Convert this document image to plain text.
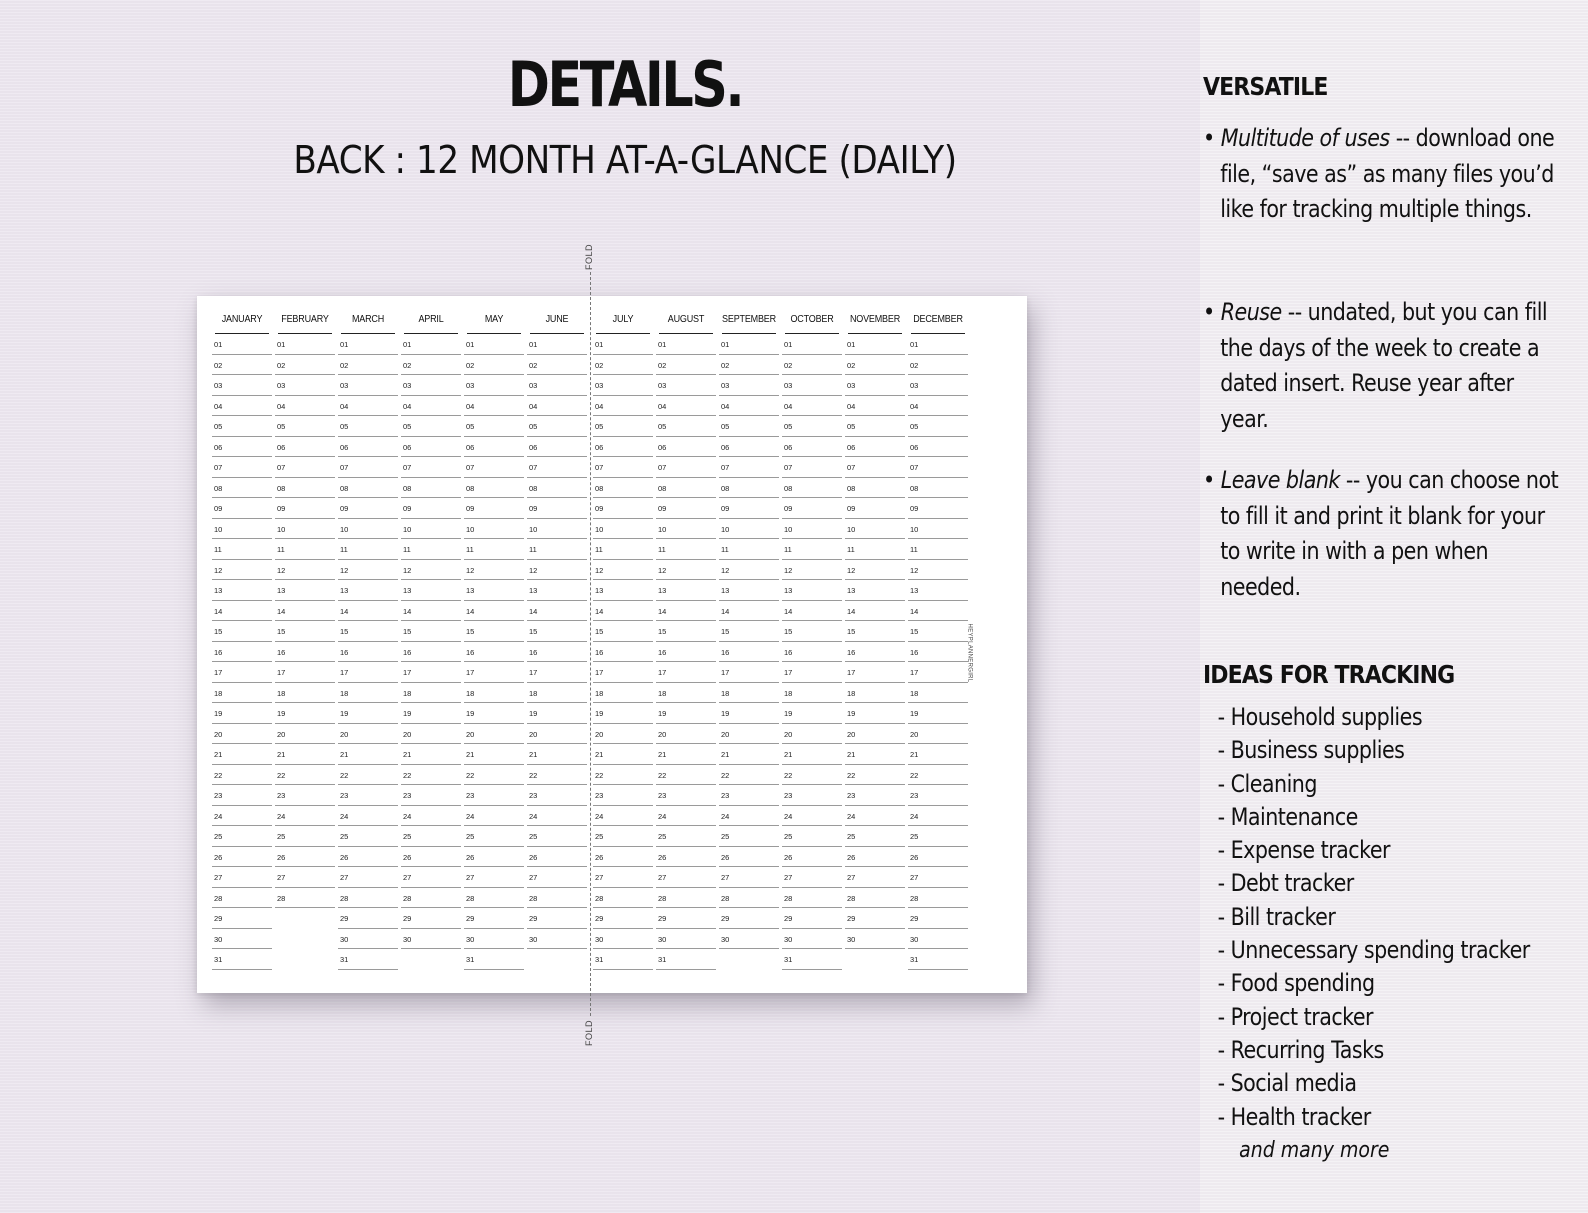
DETAILS.
BACK : 12 MONTH AT-A-GLANCE (DAILY)
JANUARY
01
02
03
04
05
06
07
08
09
10
11
12
13
14
15
16
17
18
19
20
21
22
23
24
25
26
27
28
29
30
31
FEBRUARY
01
02
03
04
05
06
07
08
09
10
11
12
13
14
15
16
17
18
19
20
21
22
23
24
25
26
27
28
MARCH
01
02
03
04
05
06
07
08
09
10
11
12
13
14
15
16
17
18
19
20
21
22
23
24
25
26
27
28
29
30
31
APRIL
01
02
03
04
05
06
07
08
09
10
11
12
13
14
15
16
17
18
19
20
21
22
23
24
25
26
27
28
29
30
MAY
01
02
03
04
05
06
07
08
09
10
11
12
13
14
15
16
17
18
19
20
21
22
23
24
25
26
27
28
29
30
31
JUNE
01
02
03
04
05
06
07
08
09
10
11
12
13
14
15
16
17
18
19
20
21
22
23
24
25
26
27
28
29
30
JULY
01
02
03
04
05
06
07
08
09
10
11
12
13
14
15
16
17
18
19
20
21
22
23
24
25
26
27
28
29
30
31
AUGUST
01
02
03
04
05
06
07
08
09
10
11
12
13
14
15
16
17
18
19
20
21
22
23
24
25
26
27
28
29
30
31
SEPTEMBER
01
02
03
04
05
06
07
08
09
10
11
12
13
14
15
16
17
18
19
20
21
22
23
24
25
26
27
28
29
30
OCTOBER
01
02
03
04
05
06
07
08
09
10
11
12
13
14
15
16
17
18
19
20
21
22
23
24
25
26
27
28
29
30
31
NOVEMBER
01
02
03
04
05
06
07
08
09
10
11
12
13
14
15
16
17
18
19
20
21
22
23
24
25
26
27
28
29
30
DECEMBER
01
02
03
04
05
06
07
08
09
10
11
12
13
14
15
16
17
18
19
20
21
22
23
24
25
26
27
28
29
30
31
FOLD
FOLD
HEYPLANNERGIRL
VERSATILE
• Multitude of uses -- download one file, “save as” as many files you’d like for tracking multiple things.
• Reuse -- undated, but you can fill the days of the week to create a dated insert. Reuse year after year.
• Leave blank -- you can choose not to fill it and print it blank for your to write in with a pen when needed.
IDEAS FOR TRACKING
- Household supplies
- Business supplies
- Cleaning
- Maintenance
- Expense tracker
- Debt tracker
- Bill tracker
- Unnecessary spending tracker
- Food spending
- Project tracker
- Recurring Tasks
- Social media
- Health tracker
and many more
